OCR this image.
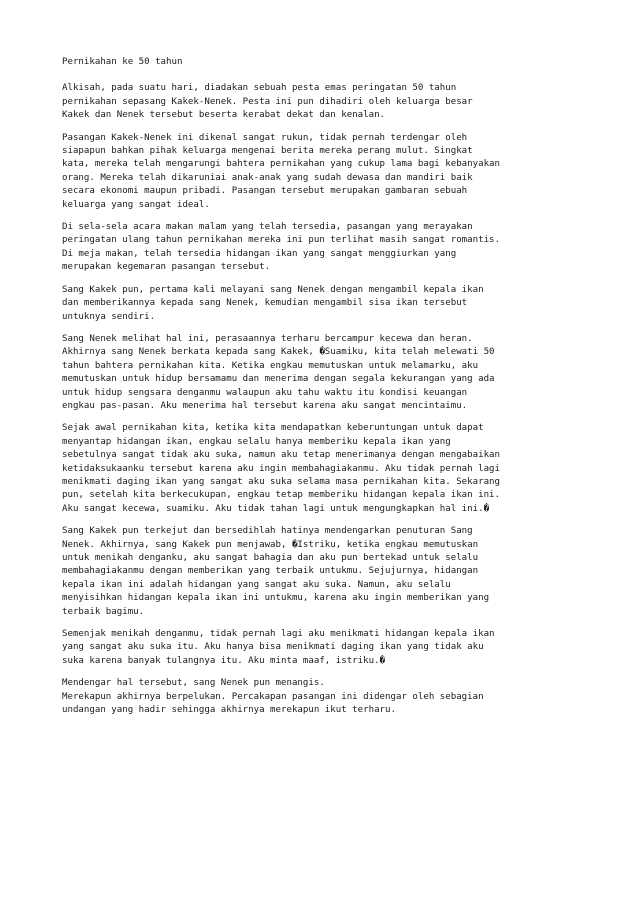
Pernikahan ke 50 tahun
Alkisah, pada suatu hari, diadakan sebuah pesta emas peringatan 50 tahun
pernikahan sepasang Kakek-Nenek. Pesta ini pun dihadiri oleh keluarga besar
Kakek dan Nenek tersebut beserta kerabat dekat dan kenalan.
Pasangan Kakek-Nenek ini dikenal sangat rukun, tidak pernah terdengar oleh
siapapun bahkan pihak keluarga mengenai berita mereka perang mulut. Singkat
kata, mereka telah mengarungi bahtera pernikahan yang cukup lama bagi kebanyakan
orang. Mereka telah dikaruniai anak-anak yang sudah dewasa dan mandiri baik
secara ekonomi maupun pribadi. Pasangan tersebut merupakan gambaran sebuah
keluarga yang sangat ideal.
Di sela-sela acara makan malam yang telah tersedia, pasangan yang merayakan
peringatan ulang tahun pernikahan mereka ini pun terlihat masih sangat romantis.
Di meja makan, telah tersedia hidangan ikan yang sangat menggiurkan yang
merupakan kegemaran pasangan tersebut.
Sang Kakek pun, pertama kali melayani sang Nenek dengan mengambil kepala ikan
dan memberikannya kepada sang Nenek, kemudian mengambil sisa ikan tersebut
untuknya sendiri.
Sang Nenek melihat hal ini, perasaannya terharu bercampur kecewa dan heran.
Akhirnya sang Nenek berkata kepada sang Kakek, �Suamiku, kita telah melewati 50
tahun bahtera pernikahan kita. Ketika engkau memutuskan untuk melamarku, aku
memutuskan untuk hidup bersamamu dan menerima dengan segala kekurangan yang ada
untuk hidup sengsara denganmu walaupun aku tahu waktu itu kondisi keuangan
engkau pas-pasan. Aku menerima hal tersebut karena aku sangat mencintaimu.
Sejak awal pernikahan kita, ketika kita mendapatkan keberuntungan untuk dapat
menyantap hidangan ikan, engkau selalu hanya memberiku kepala ikan yang
sebetulnya sangat tidak aku suka, namun aku tetap menerimanya dengan mengabaikan
ketidaksukaanku tersebut karena aku ingin membahagiakanmu. Aku tidak pernah lagi
menikmati daging ikan yang sangat aku suka selama masa pernikahan kita. Sekarang
pun, setelah kita berkecukupan, engkau tetap memberiku hidangan kepala ikan ini.
Aku sangat kecewa, suamiku. Aku tidak tahan lagi untuk mengungkapkan hal ini.�
Sang Kakek pun terkejut dan bersedihlah hatinya mendengarkan penuturan Sang
Nenek. Akhirnya, sang Kakek pun menjawab, �Istriku, ketika engkau memutuskan
untuk menikah denganku, aku sangat bahagia dan aku pun bertekad untuk selalu
membahagiakanmu dengan memberikan yang terbaik untukmu. Sejujurnya, hidangan
kepala ikan ini adalah hidangan yang sangat aku suka. Namun, aku selalu
menyisihkan hidangan kepala ikan ini untukmu, karena aku ingin memberikan yang
terbaik bagimu.
Semenjak menikah denganmu, tidak pernah lagi aku menikmati hidangan kepala ikan
yang sangat aku suka itu. Aku hanya bisa menikmati daging ikan yang tidak aku
suka karena banyak tulangnya itu. Aku minta maaf, istriku.�
Mendengar hal tersebut, sang Nenek pun menangis.
Merekapun akhirnya berpelukan. Percakapan pasangan ini didengar oleh sebagian
undangan yang hadir sehingga akhirnya merekapun ikut terharu.
